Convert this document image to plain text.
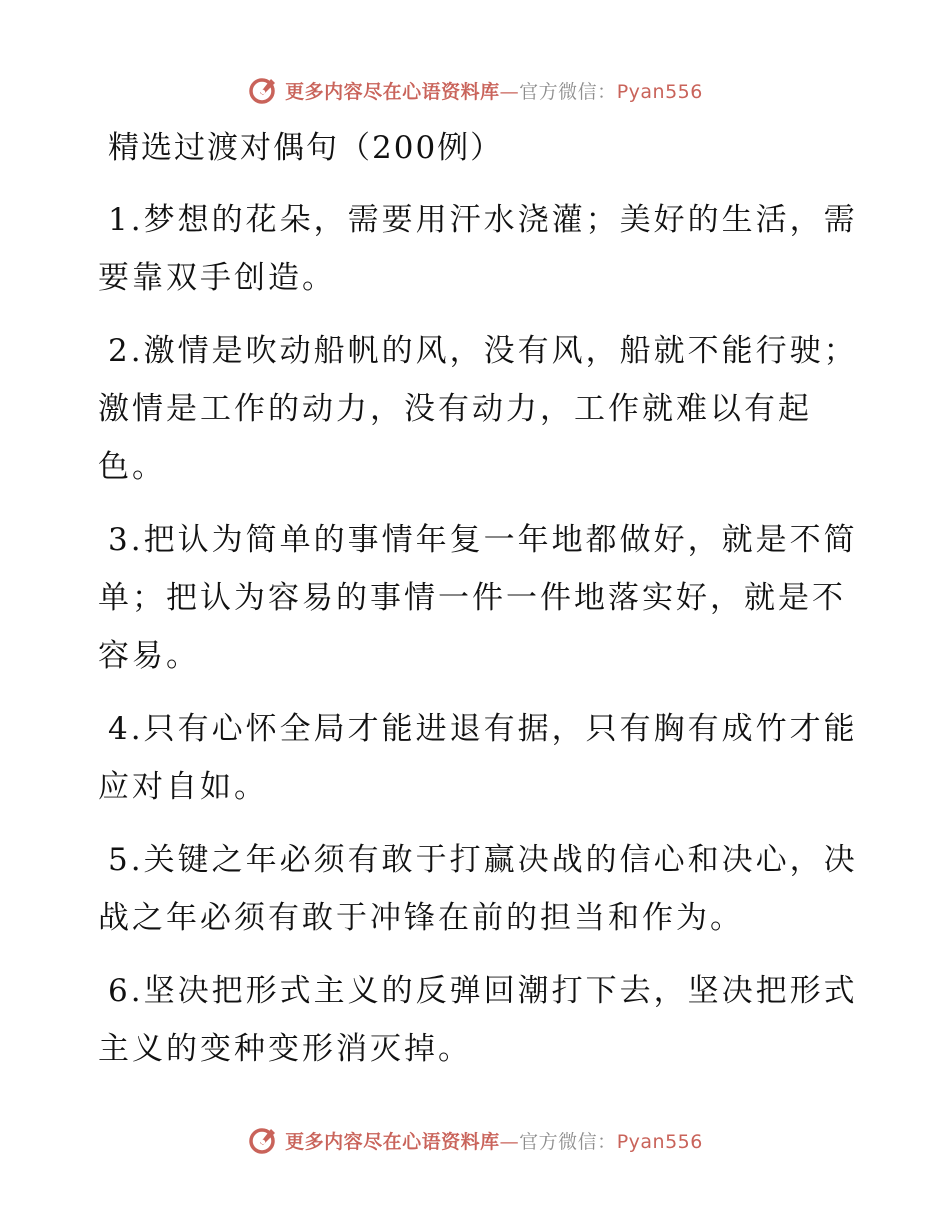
更多内容尽在心语资料库—官方微信：Pyan556
精选过渡对偶句（200例）

1.梦想的花朵，需要用汗水浇灌；美好的生活，需要靠双手创造。

2.激情是吹动船帆的风，没有风，船就不能行驶；激情是工作的动力，没有动力，工作就难以有起色。

3.把认为简单的事情年复一年地都做好，就是不简单；把认为容易的事情一件一件地落实好，就是不容易。

4.只有心怀全局才能进退有据，只有胸有成竹才能应对自如。

5.关键之年必须有敢于打赢决战的信心和决心，决战之年必须有敢于冲锋在前的担当和作为。

6.坚决把形式主义的反弹回潮打下去，坚决把形式主义的变种变形消灭掉。

更多内容尽在心语资料库—官方微信：Pyan556
